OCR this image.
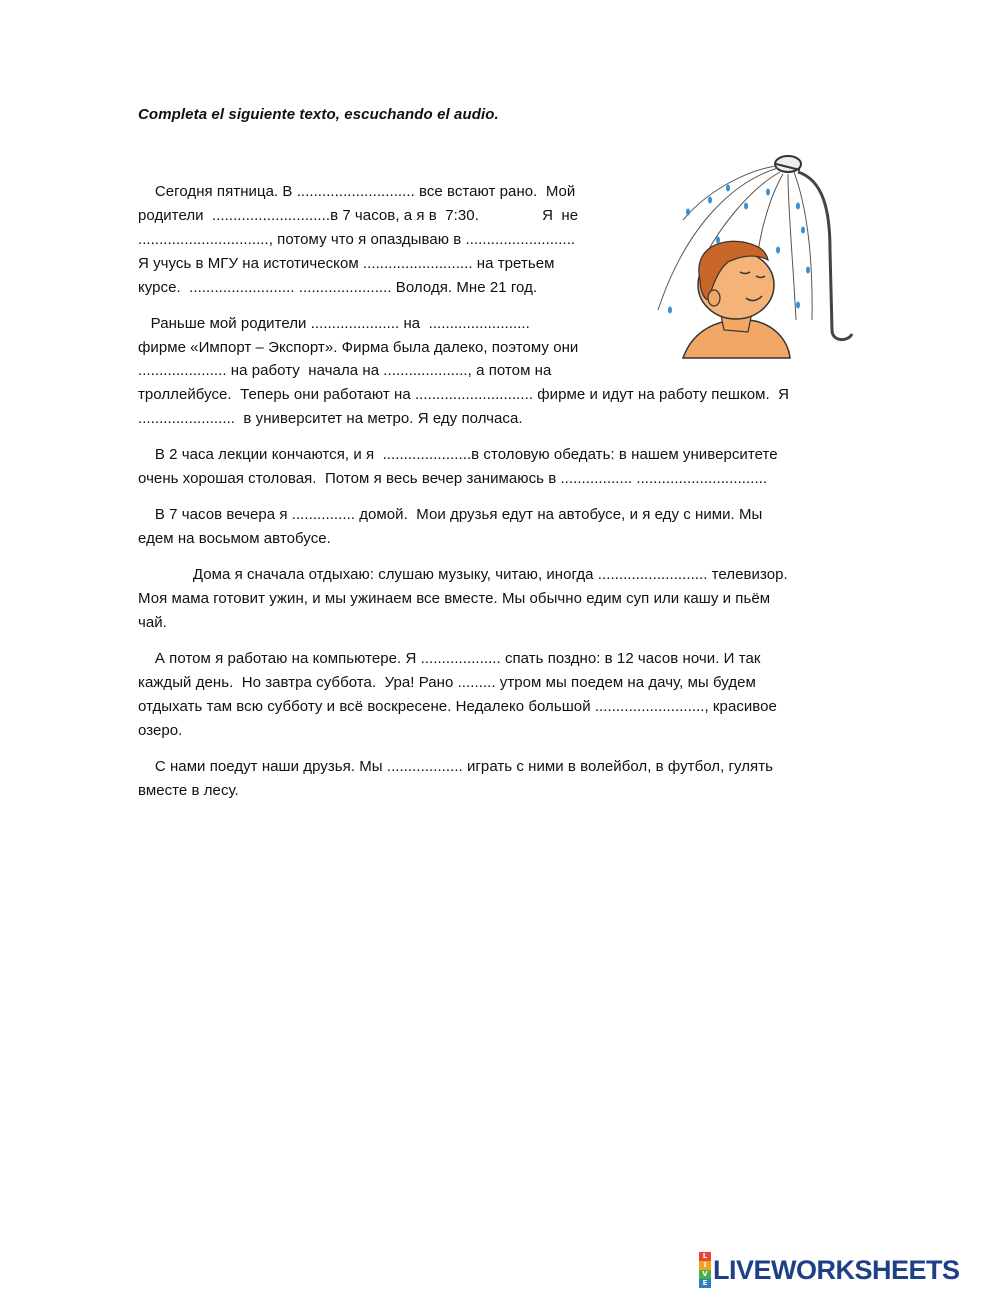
Completa el siguiente texto, escuchando el audio.
Сегодня пятница. В ............................ все встают рано.  Мой
родители  ............................в 7 часов, а я в  7:30.               Я  не
..............................., потому что я опаздываю в ..........................
Я учусь в МГУ на истотическом .......................... на третьем
курсе.  ......................... ...................... Володя. Мне 21 год.
Раньше мой родители ..................... на  ........................
фирме «Импорт – Экспорт». Фирма была далеко, поэтому они
..................... на работу  начала на ...................., а потом на
троллейбусе.  Теперь они работают на ............................ фирме и идут на работу пешком.  Я
.......................  в университет на метро. Я еду полчаса.
В 2 часа лекции кончаются, и я  .....................в столовую обедать: в нашем университете
очень хорошая столовая.  Потом я весь вечер занимаюсь в ................. ...............................
В 7 часов вечера я ............... домой.  Мои друзья едут на автобусе, и я еду с ними. Мы
едем на восьмом автобусе.
Дома я сначала отдыхаю: слушаю музыку, читаю, иногда .......................... телевизор.
Моя мама готовит ужин, и мы ужинаем все вместе. Мы обычно едим суп или кашу и пьём
чай.
А потом я работаю на компьютере. Я ................... спать поздно: в 12 часов ночи. И так
каждый день.  Но завтра суббота.  Ура! Рано ......... утром мы поедем на дачу, мы будем
отдыхать там всю субботу и всё воскресене. Недалеко большой .........................., красивое
озеро.
С нами поедут наши друзья. Мы .................. играть с ними в волейбол, в футбол, гулять
вместе в лесу.
L
I
V
E LIVEWORKSHEETS
